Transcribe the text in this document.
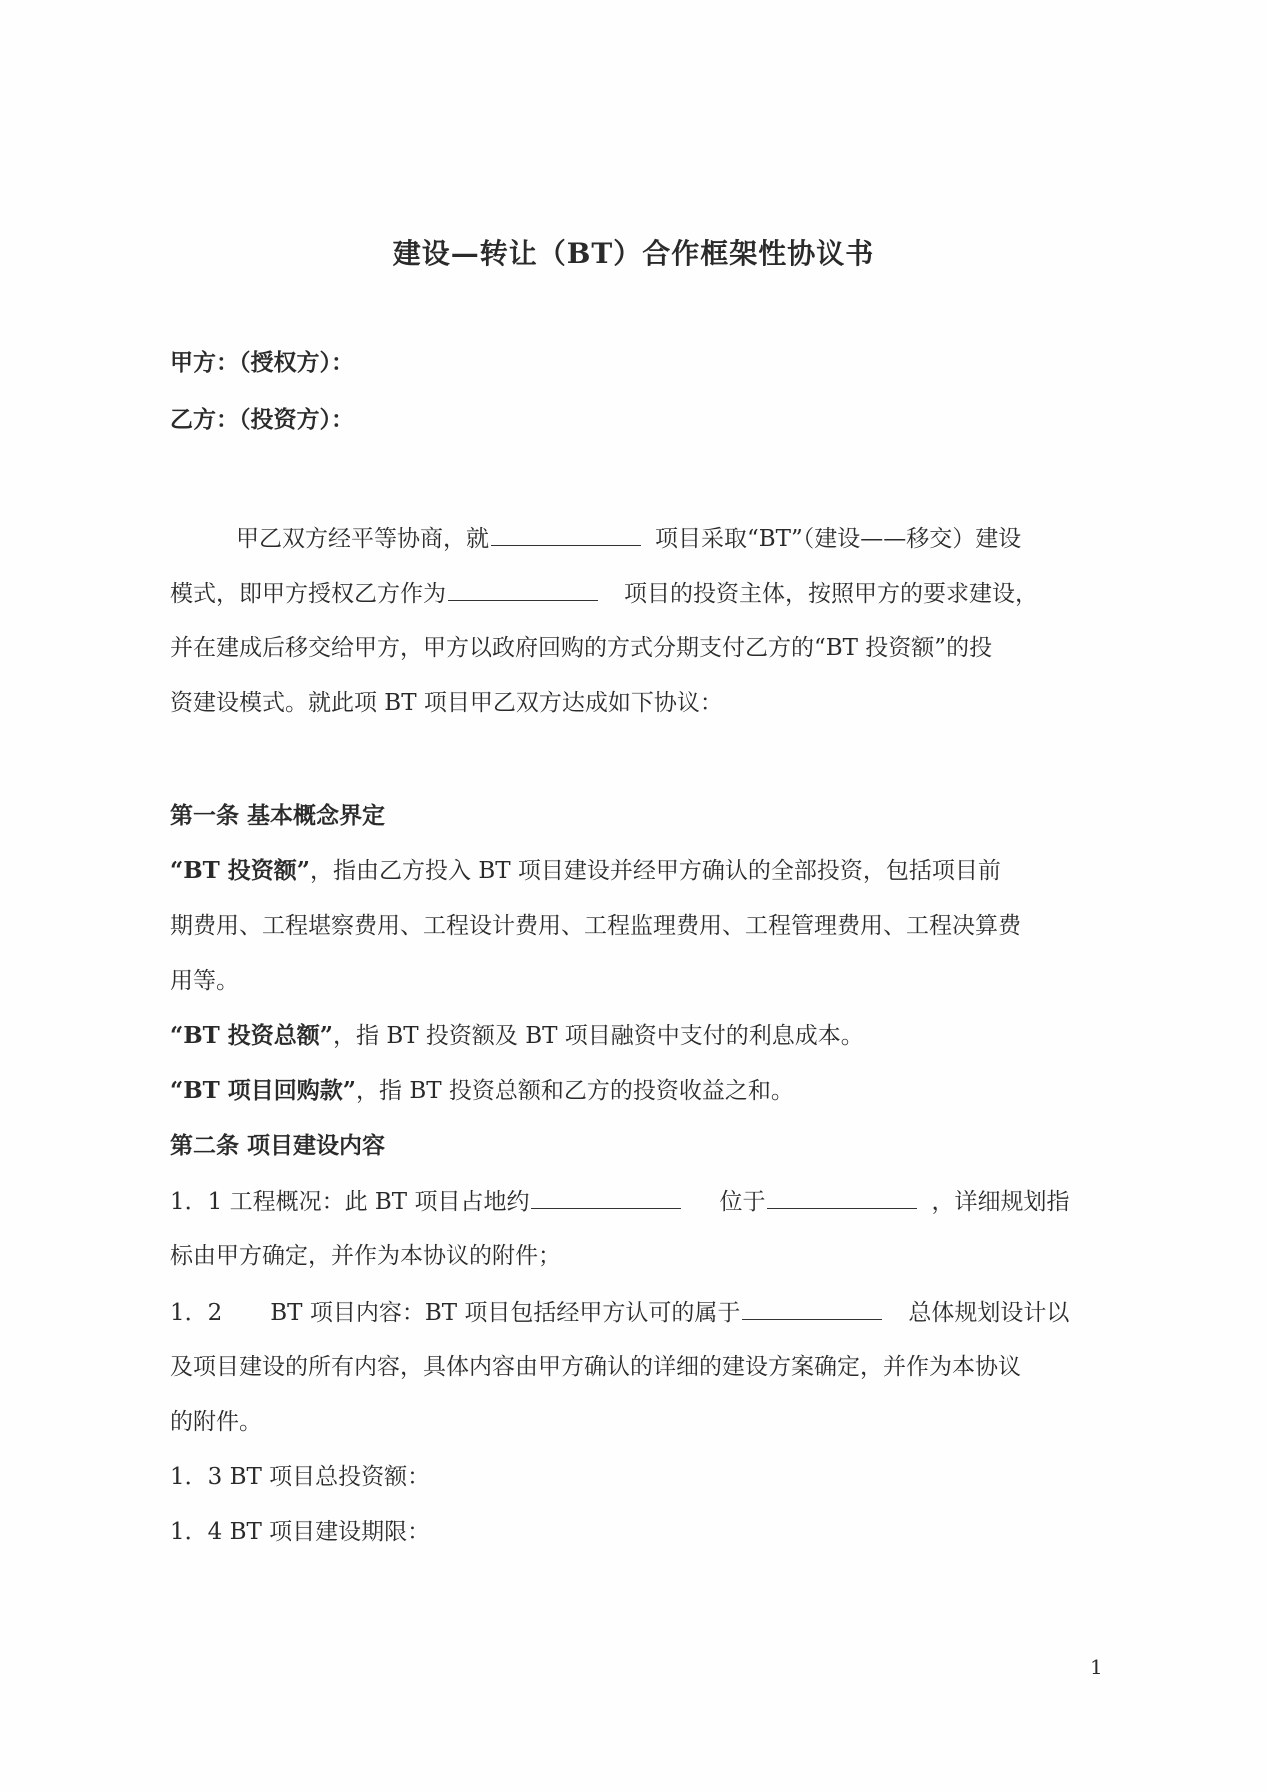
建设—转让（BT）合作框架性协议书
甲方：（授权方）：
乙方：（投资方）：
甲乙双方经平等协商，就	项目采取“BT”（建设——移交）建设
模式，即甲方授权乙方作为	项目的投资主体，按照甲方的要求建设，
并在建成后移交给甲方，甲方以政府回购的方式分期支付乙方的“BT 投资额”的投
资建设模式。就此项 BT 项目甲乙双方达成如下协议：
第一条 基本概念界定
“BT 投资额”，指由乙方投入 BT 项目建设并经甲方确认的全部投资，包括项目前
期费用、工程堪察费用、工程设计费用、工程监理费用、工程管理费用、工程决算费
用等。
“BT 投资总额”，指 BT 投资额及 BT 项目融资中支付的利息成本。
“BT 项目回购款”，指 BT 投资总额和乙方的投资收益之和。
第二条 项目建设内容
1．1 工程概况：此 BT 项目占地约	位于	，详细规划指
标由甲方确定，并作为本协议的附件；
1．2 BT 项目内容：BT 项目包括经甲方认可的属于	总体规划设计以
及项目建设的所有内容，具体内容由甲方确认的详细的建设方案确定，并作为本协议
的附件。
1．3 BT 项目总投资额：
1．4 BT 项目建设期限：
1
